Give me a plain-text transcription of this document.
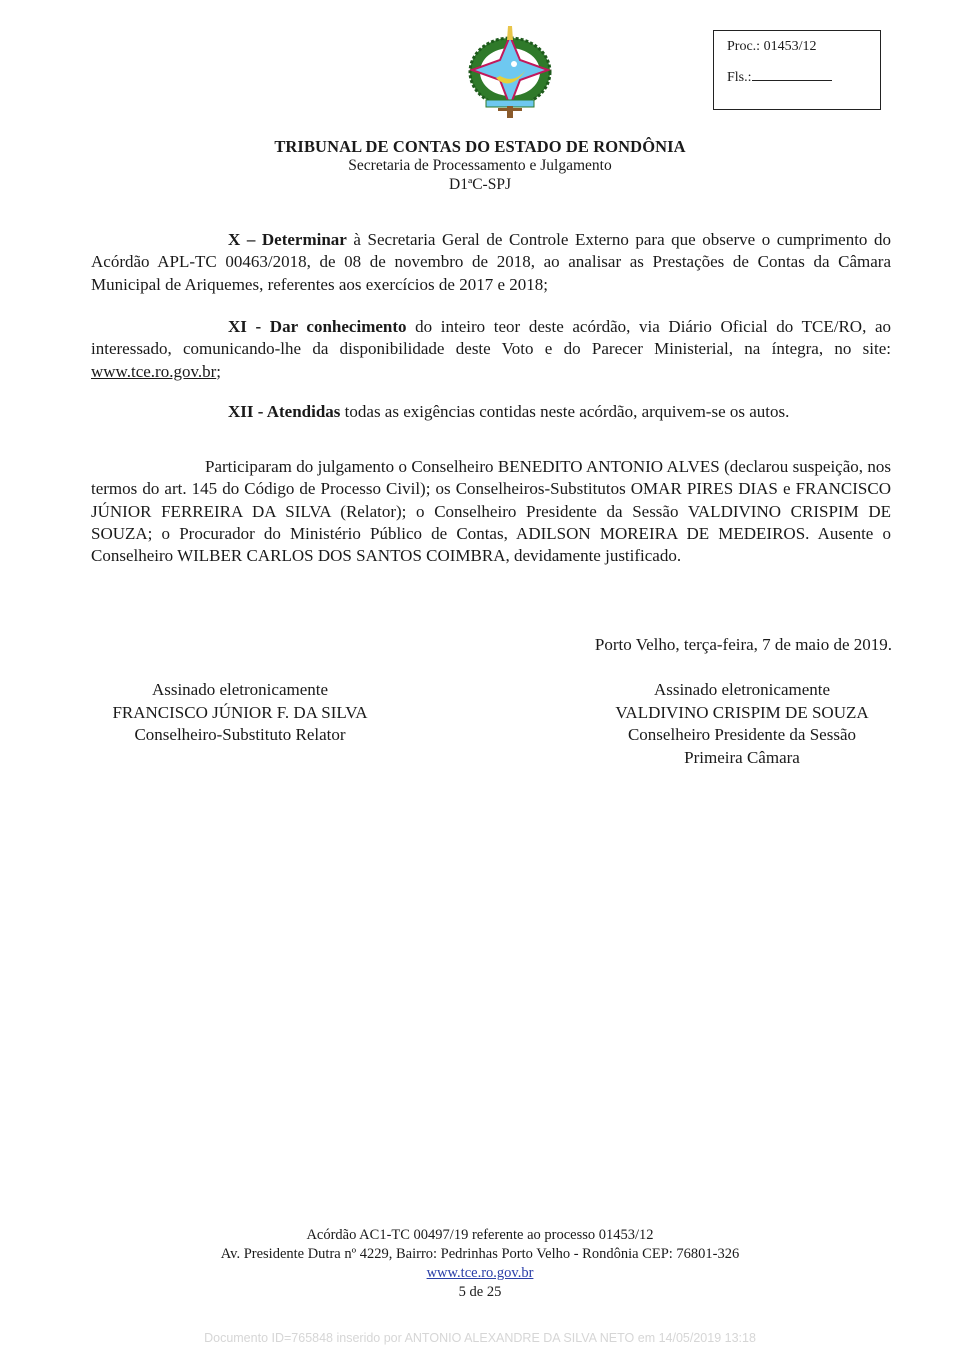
Proc.: 01453/12
Fls.:
TRIBUNAL DE CONTAS DO ESTADO DE RONDÔNIA
Secretaria de Processamento e Julgamento
D1ªC-SPJ
X – Determinar à Secretaria Geral de Controle Externo para que observe o cumprimento do Acórdão APL-TC 00463/2018, de 08 de novembro de 2018, ao analisar as Prestações de Contas da Câmara Municipal de Ariquemes, referentes aos exercícios de 2017 e 2018;
XI - Dar conhecimento do inteiro teor deste acórdão, via Diário Oficial do TCE/RO, ao interessado, comunicando-lhe da disponibilidade deste Voto e do Parecer Ministerial, na íntegra, no site: www.tce.ro.gov.br;
XII - Atendidas todas as exigências contidas neste acórdão, arquivem-se os autos.
Participaram do julgamento o Conselheiro BENEDITO ANTONIO ALVES (declarou suspeição, nos termos do art. 145 do Código de Processo Civil); os Conselheiros-Substitutos OMAR PIRES DIAS e FRANCISCO JÚNIOR FERREIRA DA SILVA (Relator); o Conselheiro Presidente da Sessão VALDIVINO CRISPIM DE SOUZA; o Procurador do Ministério Público de Contas, ADILSON MOREIRA DE MEDEIROS. Ausente o Conselheiro WILBER CARLOS DOS SANTOS COIMBRA, devidamente justificado.
Porto Velho, terça-feira, 7 de maio de 2019.
Assinado eletronicamente
FRANCISCO JÚNIOR F. DA SILVA
Conselheiro-Substituto Relator
Assinado eletronicamente
VALDIVINO CRISPIM DE SOUZA
Conselheiro Presidente da Sessão
Primeira Câmara
Acórdão AC1-TC 00497/19 referente ao processo 01453/12
Av. Presidente Dutra nº 4229, Bairro: Pedrinhas Porto Velho - Rondônia CEP: 76801-326
www.tce.ro.gov.br
5 de 25
Documento ID=765848 inserido por ANTONIO ALEXANDRE DA SILVA NETO em 14/05/2019 13:18
